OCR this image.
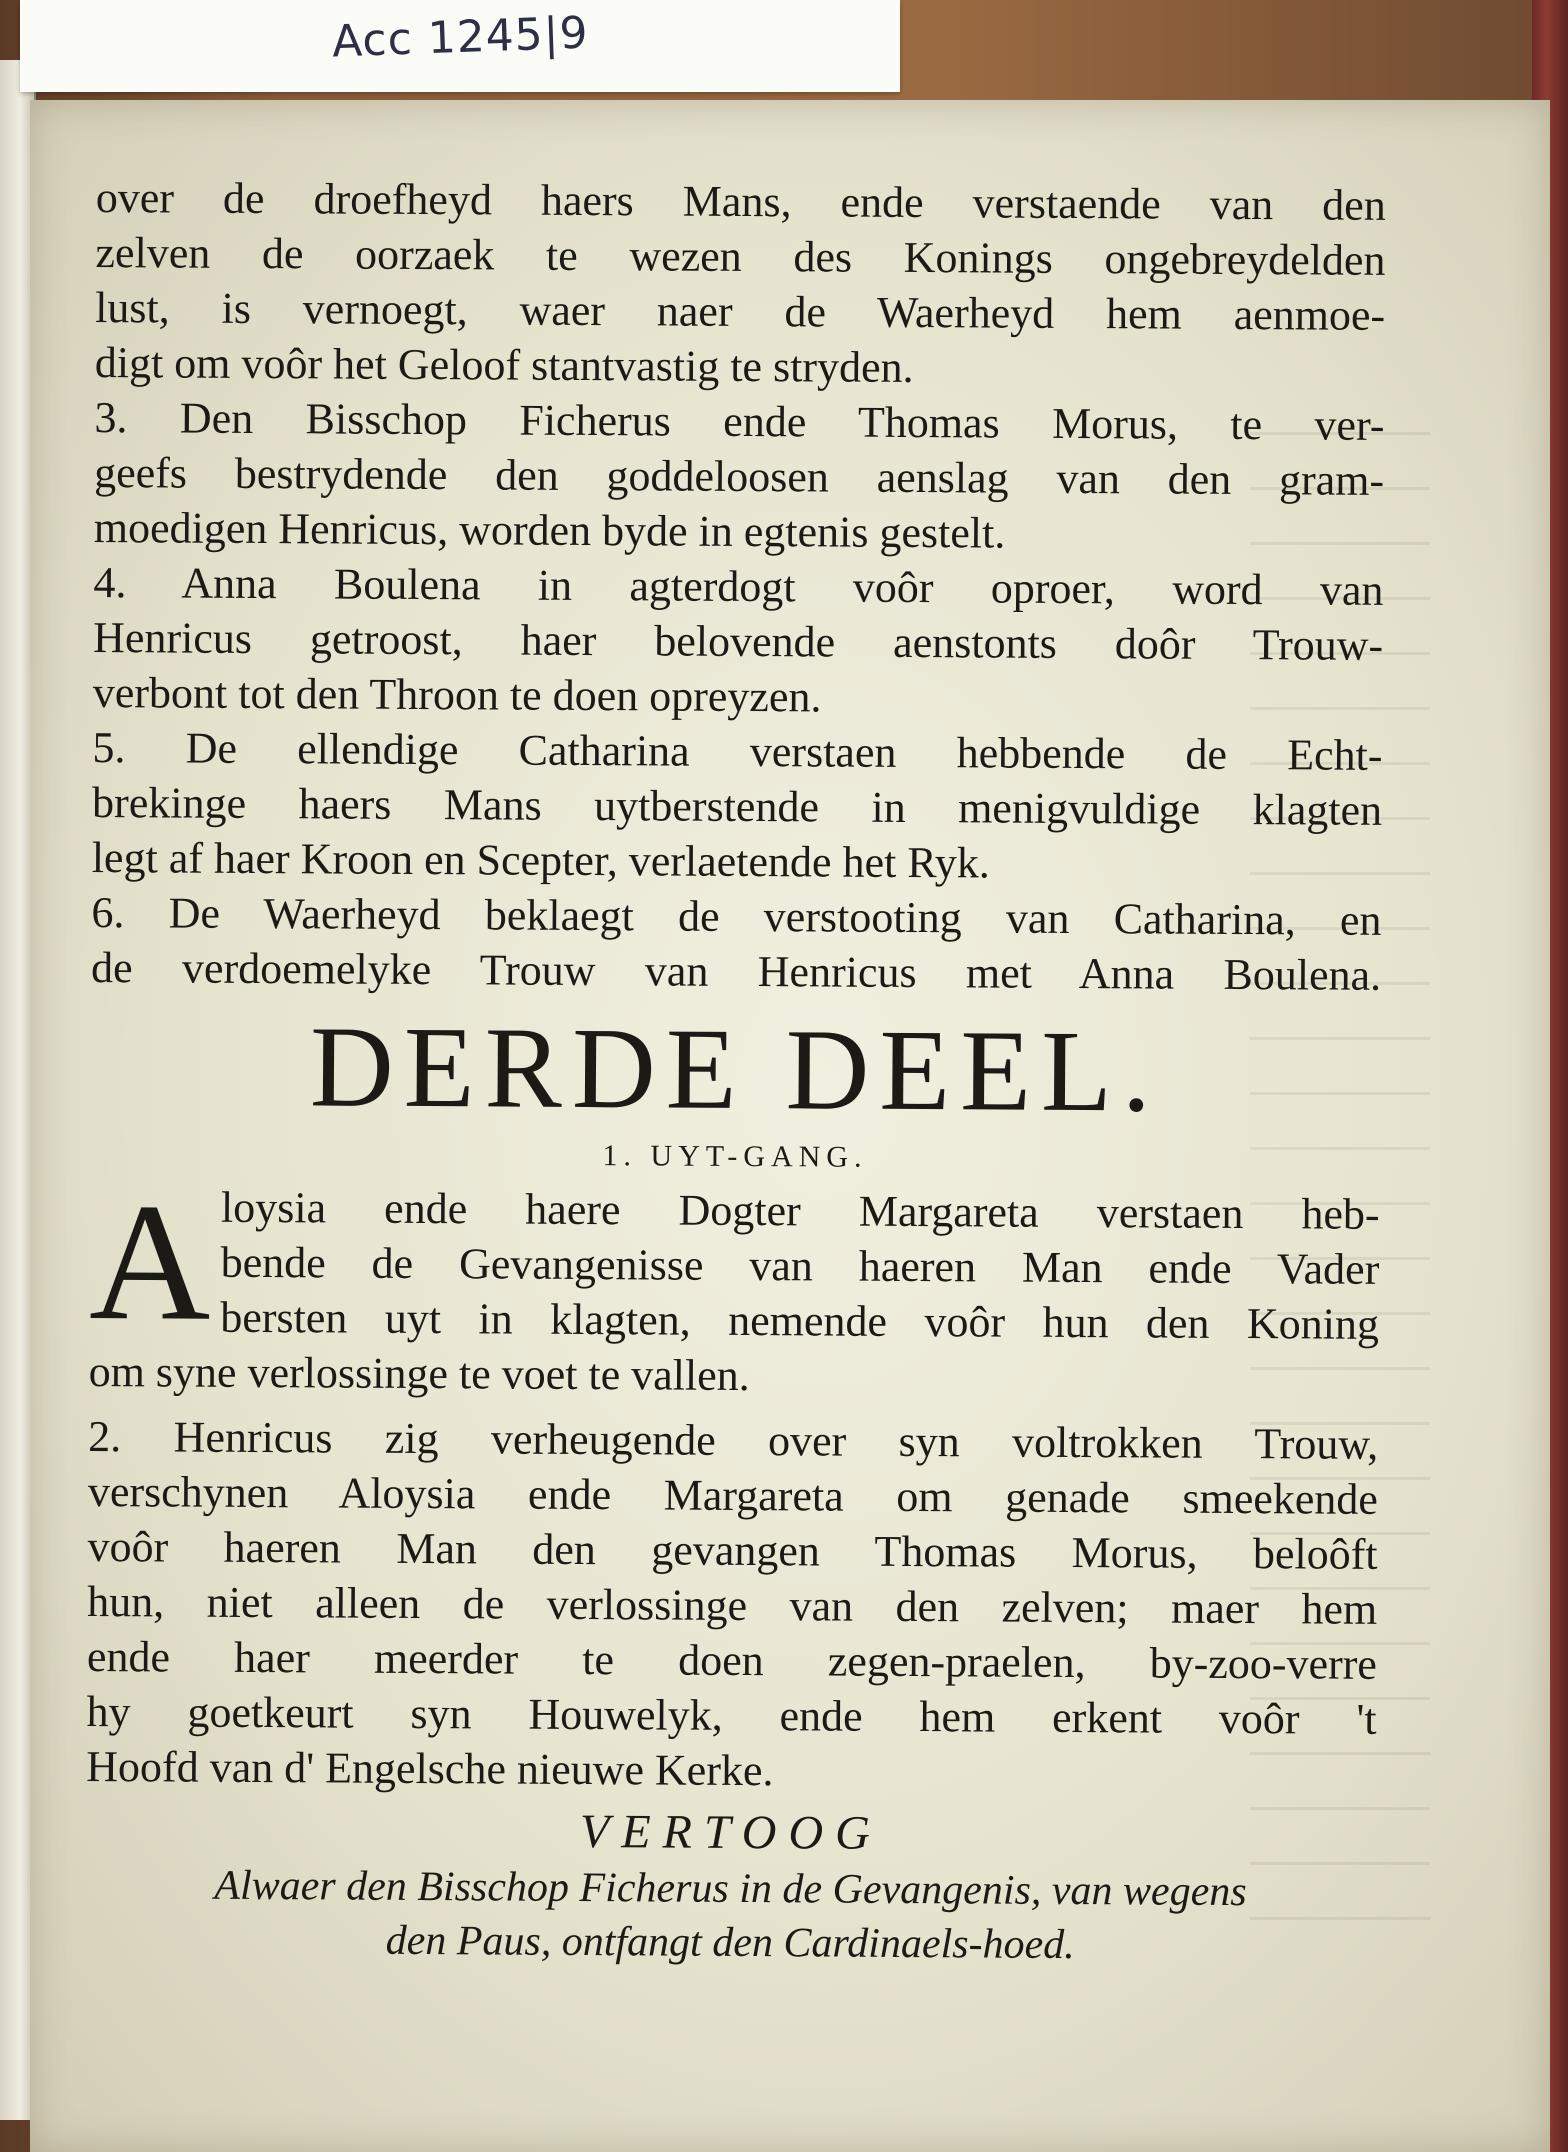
over de droefheyd haers Mans, ende verstaende van den
zelven de oorzaek te wezen des Konings ongebreydelden
lust, is vernoegt, waer naer de Waerheyd hem aenmoe-
digt om voôr het Geloof stantvastig te stryden.
3. Den Bisschop Ficherus ende Thomas Morus, te ver-
geefs bestrydende den goddeloosen aenslag van den gram-
moedigen Henricus, worden byde in egtenis gestelt.
4. Anna Boulena in agterdogt voôr oproer, word van
Henricus getroost, haer belovende aenstonts doôr Trouw-
verbont tot den Throon te doen opreyzen.
5. De ellendige Catharina verstaen hebbende de Echt-
brekinge haers Mans uytberstende in menigvuldige klagten
legt af haer Kroon en Scepter, verlaetende het Ryk.
6. De Waerheyd beklaegt de verstooting van Catharina, en
de verdoemelyke Trouw van Henricus met Anna Boulena.
DERDE DEEL.
1. UYT-GANG.
A loysia ende haere Dogter Margareta verstaen heb-
bende de Gevangenisse van haeren Man ende Vader
bersten uyt in klagten, nemende voôr hun den Koning
om syne verlossinge te voet te vallen.
2. Henricus zig verheugende over syn voltrokken Trouw,
verschynen Aloysia ende Margareta om genade smeekende
voôr haeren Man den gevangen Thomas Morus, beloôft
hun, niet alleen de verlossinge van den zelven; maer hem
ende haer meerder te doen zegen-praelen, by-zoo-verre
hy goetkeurt syn Houwelyk, ende hem erkent voôr 't
Hoofd van d' Engelsche nieuwe Kerke.
VERTOOG
Alwaer den Bisschop Ficherus in de Gevangenis, van wegens
den Paus, ontfangt den Cardinaels-hoed.
Acc 1245|9
